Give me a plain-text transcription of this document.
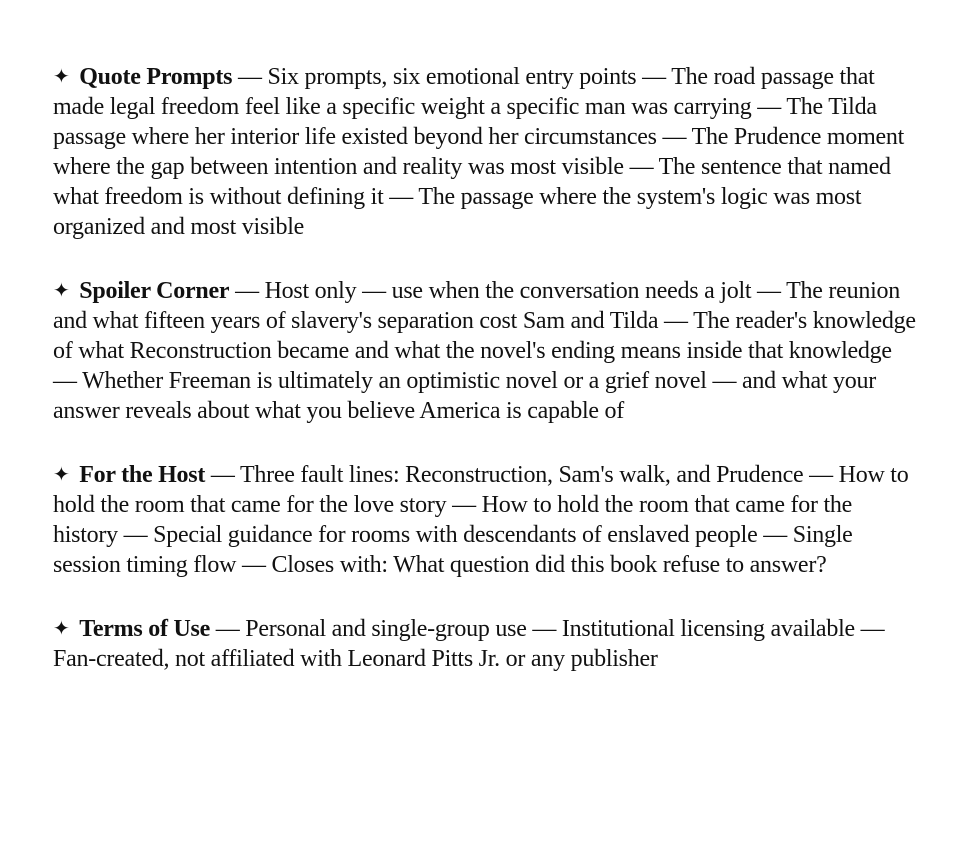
✦ Quote Prompts — Six prompts, six emotional entry points — The road passage that made legal freedom feel like a specific weight a specific man was carrying — The Tilda passage where her interior life existed beyond her circumstances — The Prudence moment where the gap between intention and reality was most visible — The sentence that named what freedom is without defining it — The passage where the system's logic was most organized and most visible

✦ Spoiler Corner — Host only — use when the conversation needs a jolt — The reunion and what fifteen years of slavery's separation cost Sam and Tilda — The reader's knowledge of what Reconstruction became and what the novel's ending means inside that knowledge — Whether Freeman is ultimately an optimistic novel or a grief novel — and what your answer reveals about what you believe America is capable of

✦ For the Host — Three fault lines: Reconstruction, Sam's walk, and Prudence — How to hold the room that came for the love story — How to hold the room that came for the history — Special guidance for rooms with descendants of enslaved people — Single session timing flow — Closes with: What question did this book refuse to answer?

✦ Terms of Use — Personal and single-group use — Institutional licensing available — Fan-created, not affiliated with Leonard Pitts Jr. or any publisher
